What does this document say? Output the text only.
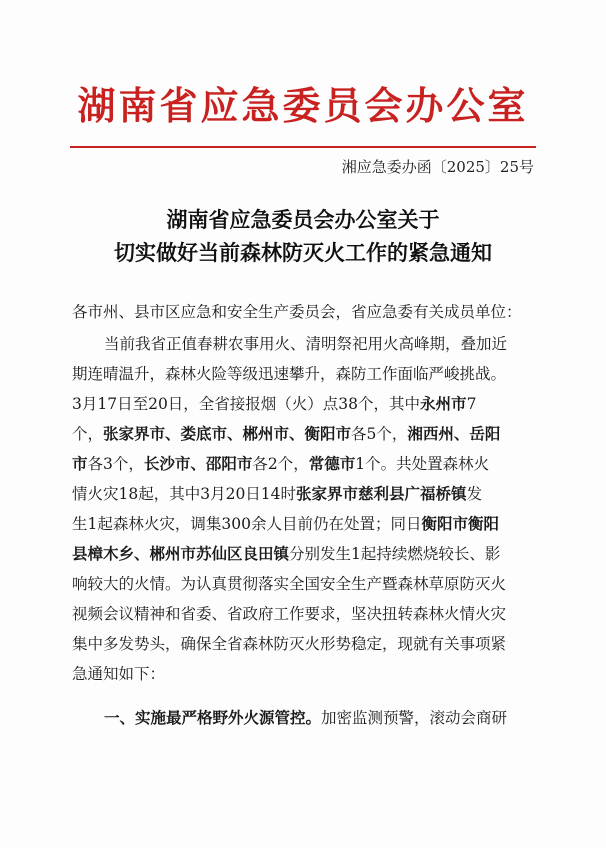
湖南省应急委员会办公室
湘应急委办函〔2025〕25号
湖南省应急委员会办公室关于
切实做好当前森林防灭火工作的紧急通知
各市州、县市区应急和安全生产委员会，省应急委有关成员单位：
当前我省正值春耕农事用火、清明祭祀用火高峰期，叠加近
期连晴温升，森林火险等级迅速攀升，森防工作面临严峻挑战。
3月17日至20日，全省接报烟（火）点38个，其中永州市7
个，张家界市、娄底市、郴州市、衡阳市各5个，湘西州、岳阳
市各3个，长沙市、邵阳市各2个，常德市1个。共处置森林火
情火灾18起，其中3月20日14时张家界市慈利县广福桥镇发
生1起森林火灾，调集300余人目前仍在处置；同日衡阳市衡阳
县樟木乡、郴州市苏仙区良田镇分别发生1起持续燃烧较长、影
响较大的火情。为认真贯彻落实全国安全生产暨森林草原防灭火
视频会议精神和省委、省政府工作要求，坚决扭转森林火情火灾
集中多发势头，确保全省森林防灭火形势稳定，现就有关事项紧
急通知如下：
一、实施最严格野外火源管控。加密监测预警，滚动会商研
